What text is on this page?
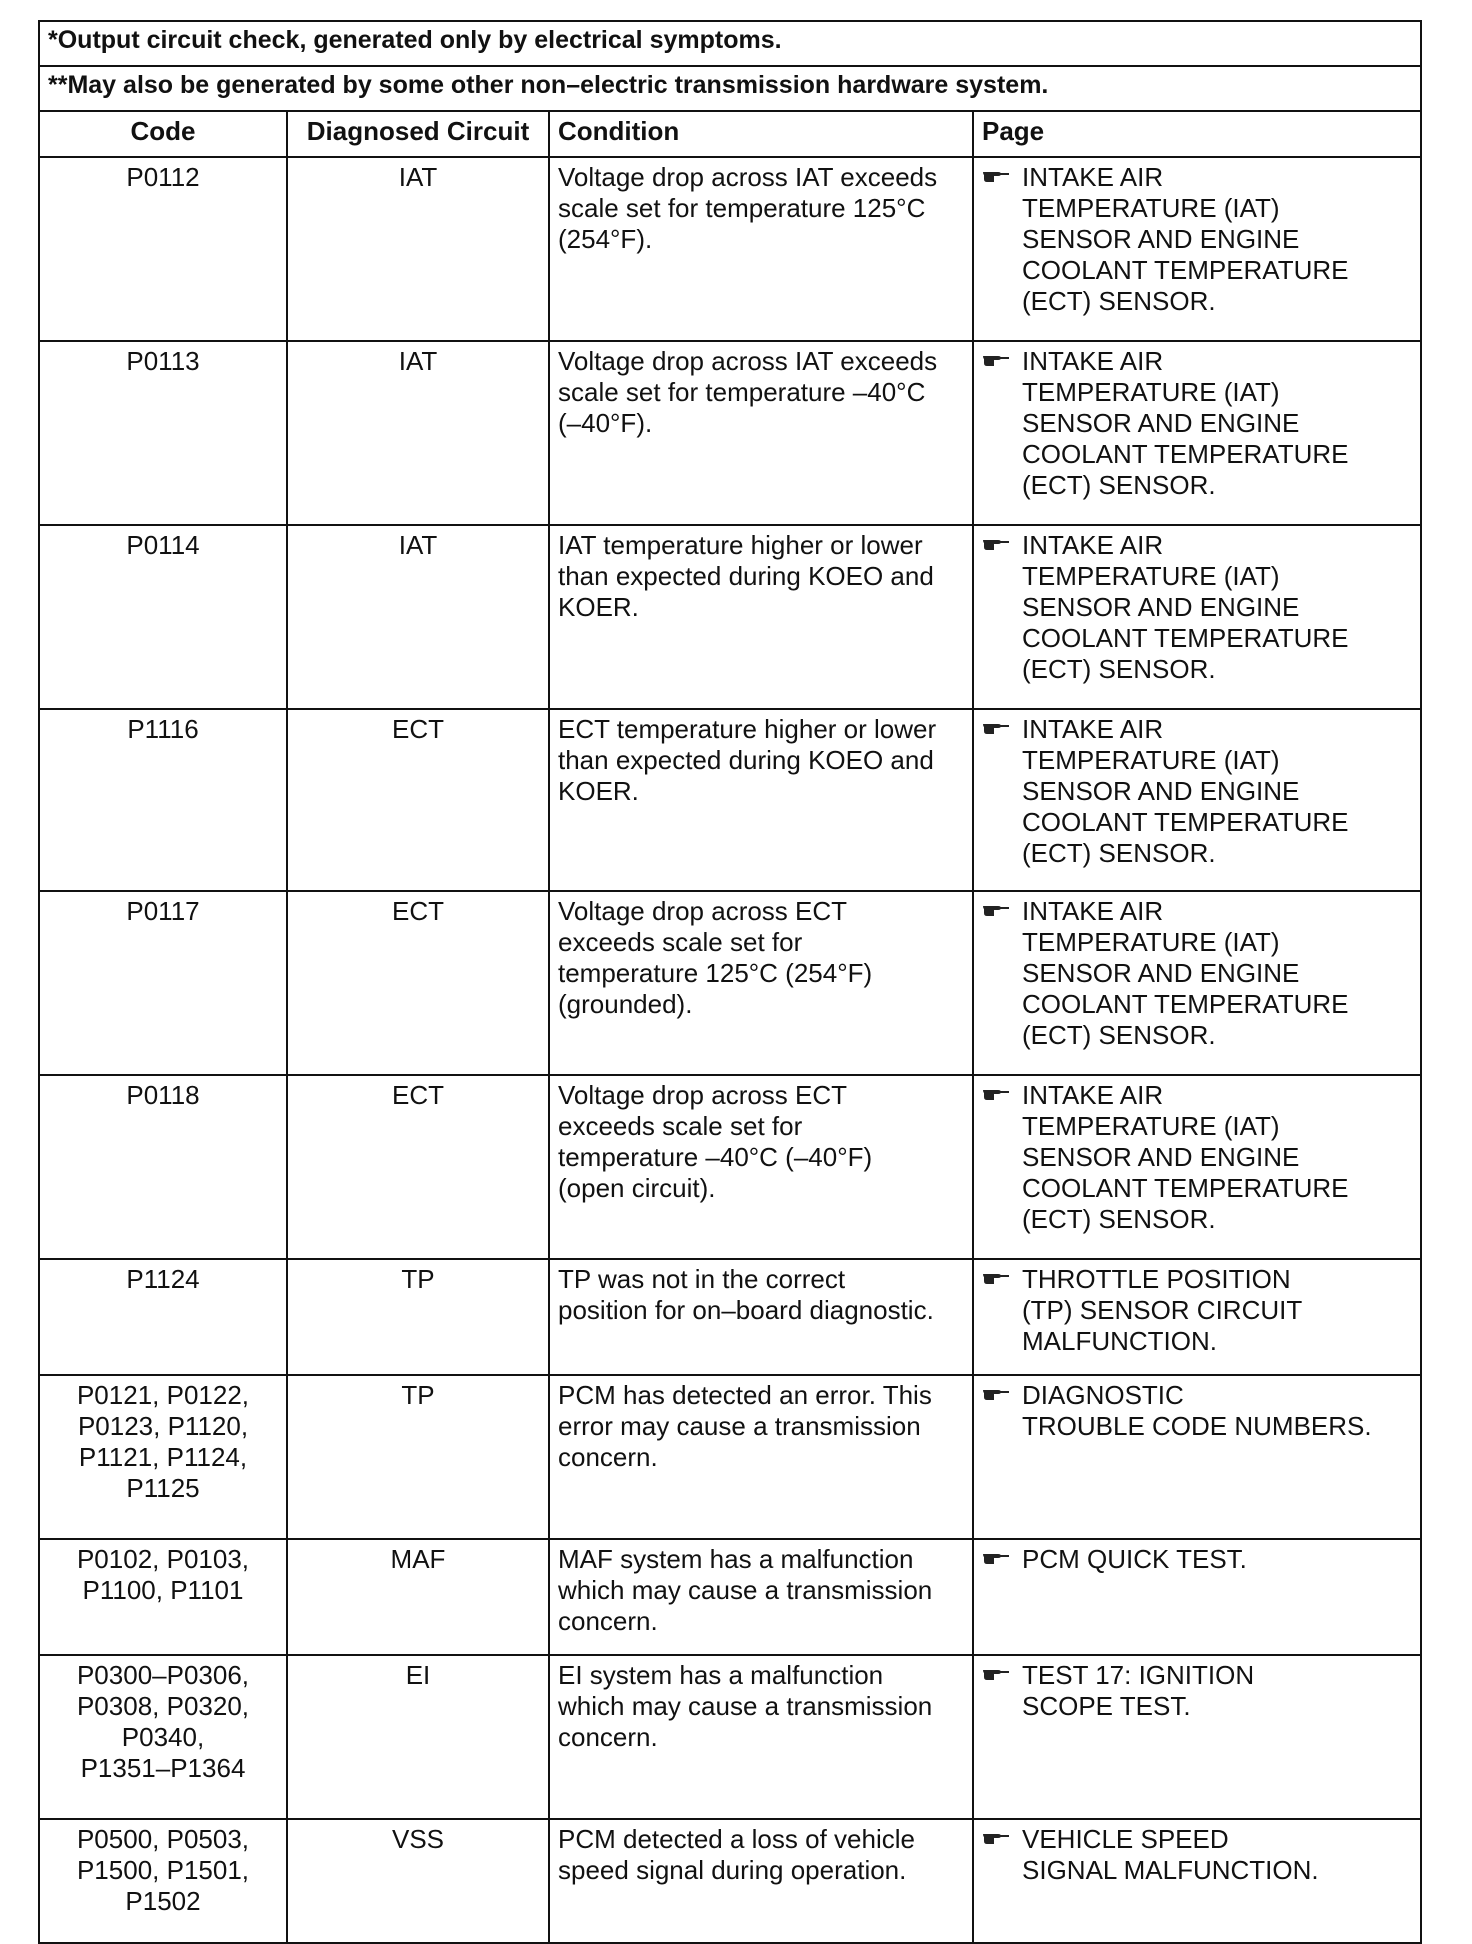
*Output circuit check, generated only by electrical symptoms.			
**May also be generated by some other non–electric transmission hardware system.			
Code	Diagnosed Circuit	Condition	Page

P0112	IAT	Voltage drop across IAT exceeds
scale set for temperature 125°C
(254°F).	INTAKE AIR
TEMPERATURE (IAT)
SENSOR AND ENGINE
COOLANT TEMPERATURE
(ECT) SENSOR.

P0113	IAT	Voltage drop across IAT exceeds
scale set for temperature –40°C
(–40°F).	INTAKE AIR
TEMPERATURE (IAT)
SENSOR AND ENGINE
COOLANT TEMPERATURE
(ECT) SENSOR.

P0114	IAT	IAT temperature higher or lower
than expected during KOEO and
KOER.	INTAKE AIR
TEMPERATURE (IAT)
SENSOR AND ENGINE
COOLANT TEMPERATURE
(ECT) SENSOR.

P1116	ECT	ECT temperature higher or lower
than expected during KOEO and
KOER.	INTAKE AIR
TEMPERATURE (IAT)
SENSOR AND ENGINE
COOLANT TEMPERATURE
(ECT) SENSOR.

P0117	ECT	Voltage drop across ECT
exceeds scale set for
temperature 125°C (254°F)
(grounded).	INTAKE AIR
TEMPERATURE (IAT)
SENSOR AND ENGINE
COOLANT TEMPERATURE
(ECT) SENSOR.

P0118	ECT	Voltage drop across ECT
exceeds scale set for
temperature –40°C (–40°F)
(open circuit).	INTAKE AIR
TEMPERATURE (IAT)
SENSOR AND ENGINE
COOLANT TEMPERATURE
(ECT) SENSOR.

P1124	TP	TP was not in the correct
position for on–board diagnostic.	THROTTLE POSITION
(TP) SENSOR CIRCUIT
MALFUNCTION.

P0121, P0122,
P0123, P1120,
P1121, P1124,
P1125	TP	PCM has detected an error. This
error may cause a transmission
concern.	DIAGNOSTIC
TROUBLE CODE NUMBERS.

P0102, P0103,
P1100, P1101	MAF	MAF system has a malfunction
which may cause a transmission
concern.	PCM QUICK TEST.

P0300–P0306,
P0308, P0320,
P0340,
P1351–P1364	EI	EI system has a malfunction
which may cause a transmission
concern.	TEST 17: IGNITION
SCOPE TEST.

P0500, P0503,
P1500, P1501,
P1502	VSS	PCM detected a loss of vehicle
speed signal during operation.	VEHICLE SPEED
SIGNAL MALFUNCTION.
